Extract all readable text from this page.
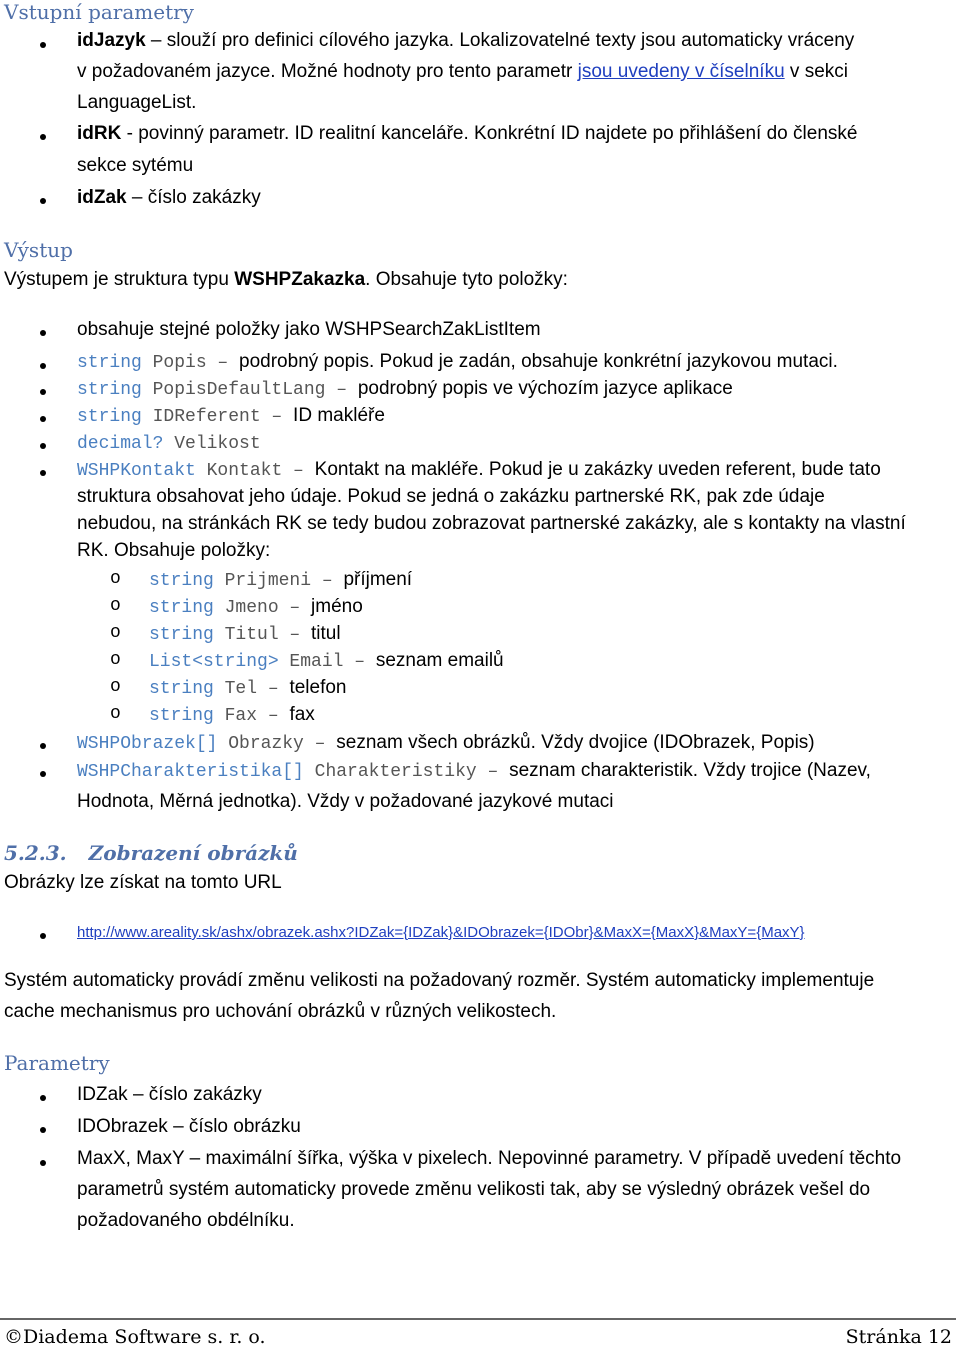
Vstupní parametry
idJazyk – slouží pro definici cílového jazyka. Lokalizovatelné texty jsou automaticky vráceny
v požadovaném jazyce. Možné hodnoty pro tento parametr jsou uvedeny v číselníku v sekci
LanguageList.
idRK - povinný parametr. ID realitní kanceláře. Konkrétní ID najdete po přihlášení do členské
sekce sytému
idZak – číslo zakázky
Výstup
Výstupem je struktura typu WSHPZakazka. Obsahuje tyto položky:
obsahuje stejné položky jako WSHPSearchZakListItem
string Popis – podrobný popis. Pokud je zadán, obsahuje konkrétní jazykovou mutaci.
string PopisDefaultLang – podrobný popis ve výchozím jazyce aplikace
string IDReferent – ID makléře
decimal? Velikost
WSHPKontakt Kontakt – Kontakt na makléře. Pokud je u zakázky uveden referent, bude tato
struktura obsahovat jeho údaje. Pokud se jedná o zakázku partnerské RK, pak zde údaje
nebudou, na stránkách RK se tedy budou zobrazovat partnerské zakázky, ale s kontakty na vlastní
RK. Obsahuje položky:
o string Prijmeni – příjmení
o string Jmeno – jméno
o string Titul – titul
o List<string> Email – seznam emailů
o string Tel – telefon
o string Fax – fax
WSHPObrazek[] Obrazky – seznam všech obrázků. Vždy dvojice (IDObrazek, Popis)
WSHPCharakteristika[] Charakteristiky – seznam charakteristik. Vždy trojice (Nazev,
Hodnota, Měrná jednotka). Vždy v požadované jazykové mutaci
5.2.3. Zobrazení obrázků
Obrázky lze získat na tomto URL
http://www.areality.sk/ashx/obrazek.ashx?IDZak={IDZak}&IDObrazek={IDObr}&MaxX={MaxX}&MaxY={MaxY}
Systém automaticky provádí změnu velikosti na požadovaný rozměr. Systém automaticky implementuje
cache mechanismus pro uchování obrázků v různých velikostech.
Parametry
IDZak – číslo zakázky
IDObrazek – číslo obrázku
MaxX, MaxY – maximální šířka, výška v pixelech. Nepovinné parametry. V případě uvedení těchto
parametrů systém automaticky provede změnu velikosti tak, aby se výsledný obrázek vešel do
požadovaného obdélníku.
©Diadema Software s. r. o.	Stránka 12
